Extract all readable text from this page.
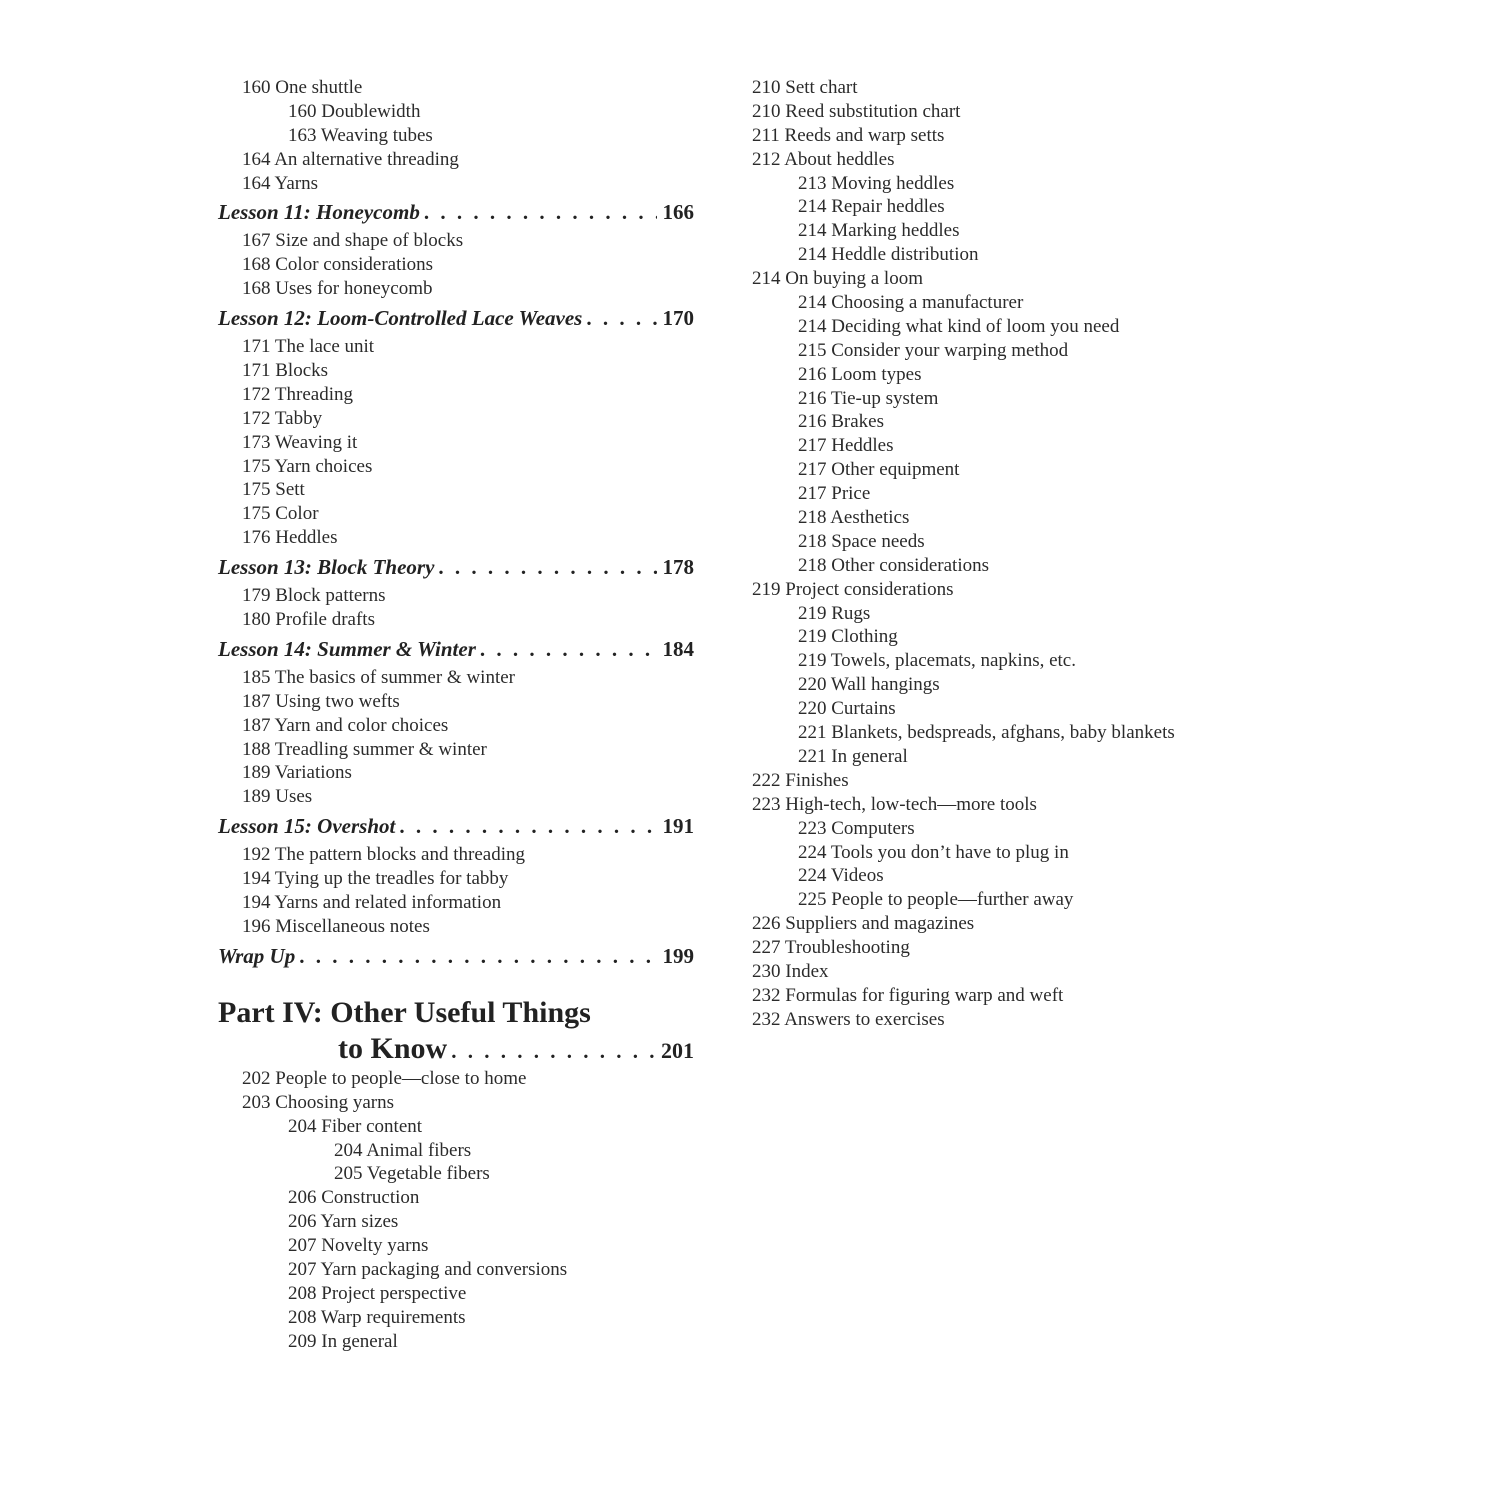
160 One shuttle
160 Doublewidth
163 Weaving tubes
164 An alternative threading
164 Yarns
Lesson 11: Honeycomb . . .	166
167 Size and shape of blocks
168 Color considerations
168 Uses for honeycomb
Lesson 12: Loom-Controlled Lace Weaves . . .	170
171 The lace unit
171 Blocks
172 Threading
172 Tabby
173 Weaving it
175 Yarn choices
175 Sett
175 Color
176 Heddles
Lesson 13: Block Theory . . .	178
179 Block patterns
180 Profile drafts
Lesson 14: Summer & Winter . . .	184
185 The basics of summer & winter
187 Using two wefts
187 Yarn and color choices
188 Treadling summer & winter
189 Variations
189 Uses
Lesson 15: Overshot . . .	191
192 The pattern blocks and threading
194 Tying up the treadles for tabby
194 Yarns and related information
196 Miscellaneous notes
Wrap Up . . .	199
Part IV: Other Useful Things
to Know . . .	201
202 People to people—close to home
203 Choosing yarns
204 Fiber content
204 Animal fibers
205 Vegetable fibers
206 Construction
206 Yarn sizes
207 Novelty yarns
207 Yarn packaging and conversions
208 Project perspective
208 Warp requirements
209 In general
210 Sett chart
210 Reed substitution chart
211 Reeds and warp setts
212 About heddles
213 Moving heddles
214 Repair heddles
214 Marking heddles
214 Heddle distribution
214 On buying a loom
214 Choosing a manufacturer
214 Deciding what kind of loom you need
215 Consider your warping method
216 Loom types
216 Tie-up system
216 Brakes
217 Heddles
217 Other equipment
217 Price
218 Aesthetics
218 Space needs
218 Other considerations
219 Project considerations
219 Rugs
219 Clothing
219 Towels, placemats, napkins, etc.
220 Wall hangings
220 Curtains
221 Blankets, bedspreads, afghans, baby blankets
221 In general
222 Finishes
223 High-tech, low-tech—more tools
223 Computers
224 Tools you don’t have to plug in
224 Videos
225 People to people—further away
226 Suppliers and magazines
227 Troubleshooting
230 Index
232 Formulas for figuring warp and weft
232 Answers to exercises
